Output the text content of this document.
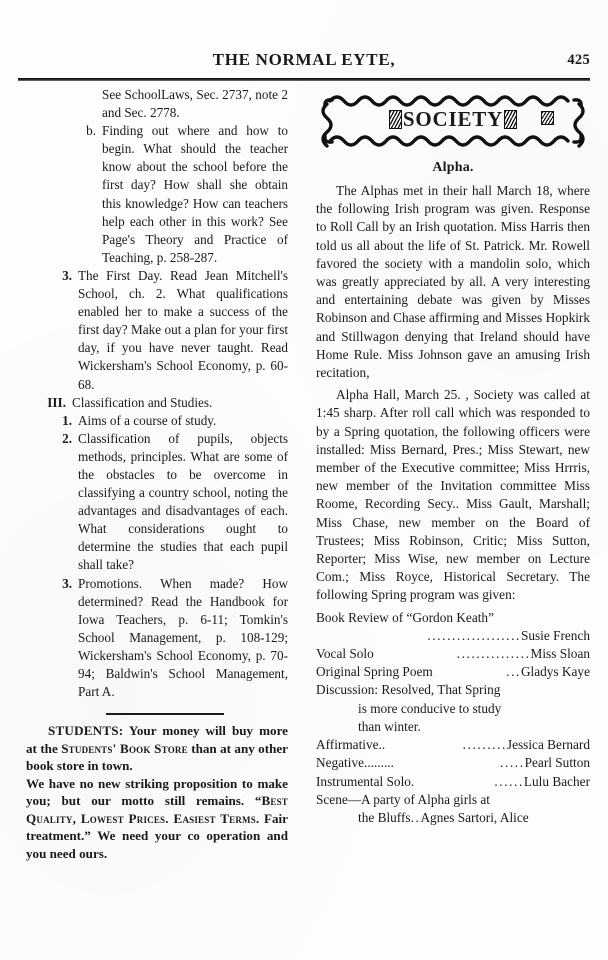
THE NORMAL EYTE,	425
See SchoolLaws, Sec. 2737, note 2 and Sec. 2778.
b. Finding out where and how to begin. What should the teacher know about the school before the first day? How shall she obtain this knowledge? How can teachers help each other in this work? See Page's Theory and Practice of Teaching, p. 258-287.
3. The First Day. Read Jean Mitchell's School, ch. 2. What qualifications enabled her to make a success of the first day? Make out a plan for your first day, if you have never taught. Read Wickersham's School Economy, p. 60-68.
III. Classification and Studies.
1. Aims of a course of study.
2. Classification of pupils, objects methods, principles. What are some of the obstacles to be overcome in classifying a country school, noting the advantages and disadvantages of each. What considerations ought to determine the studies that each pupil shall take?
3. Promotions. When made? How determined? Read the Handbook for Iowa Teachers, p. 6-11; Tomkin's School Management, p. 108-129; Wickersham's School Economy, p. 70-94; Baldwin's School Management, Part A.

STUDENTS: Your money will buy more at the Students' Book Store than at any other book store in town.

We have no new striking proposition to make you; but our motto still remains. “Best Quality, Lowest Prices. Easiest Terms. Fair treatment.” We need your co operation and you need ours.

SOCIETY
Alpha.

The Alphas met in their hall March 18, where the following Irish program was given. Response to Roll Call by an Irish quotation. Miss Harris then told us all about the life of St. Patrick. Mr. Rowell favored the society with a mandolin solo, which was greatly appreciated by all. A very interesting and entertaining debate was given by Misses Robinson and Chase affirming and Misses Hopkirk and Stillwagon denying that Ireland should have Home Rule. Miss Johnson gave an amusing Irish recitation,

Alpha Hall, March 25. , Society was called at 1:45 sharp. After roll call which was responded to by a Spring quotation, the following officers were installed: Miss Bernard, Pres.; Miss Stewart, new member of the Executive committee; Miss Hrrris, new member of the Invitation committee Miss Roome, Recording Secy.. Miss Gault, Marshall; Miss Chase, new member on the Board of Trustees; Miss Robinson, Critic; Miss Sutton, Reporter; Miss Wise, new member on Lecture Com.; Miss Royce, Historical Secretary. The following Spring program was given:

Book Review of “Gordon Keath”
...................Susie French
Vocal Solo	...............Miss Sloan
Original Spring Poem	...Gladys Kaye
Discussion: Resolved, That Spring
is more conducive to study
than winter.
Affirmative..	.........Jessica Bernard
Negative.........	.....Pearl Sutton
Instrumental Solo.	......Lulu Bacher
Scene—A party of Alpha girls at
the Bluffs..Agnes Sartori, Alice
